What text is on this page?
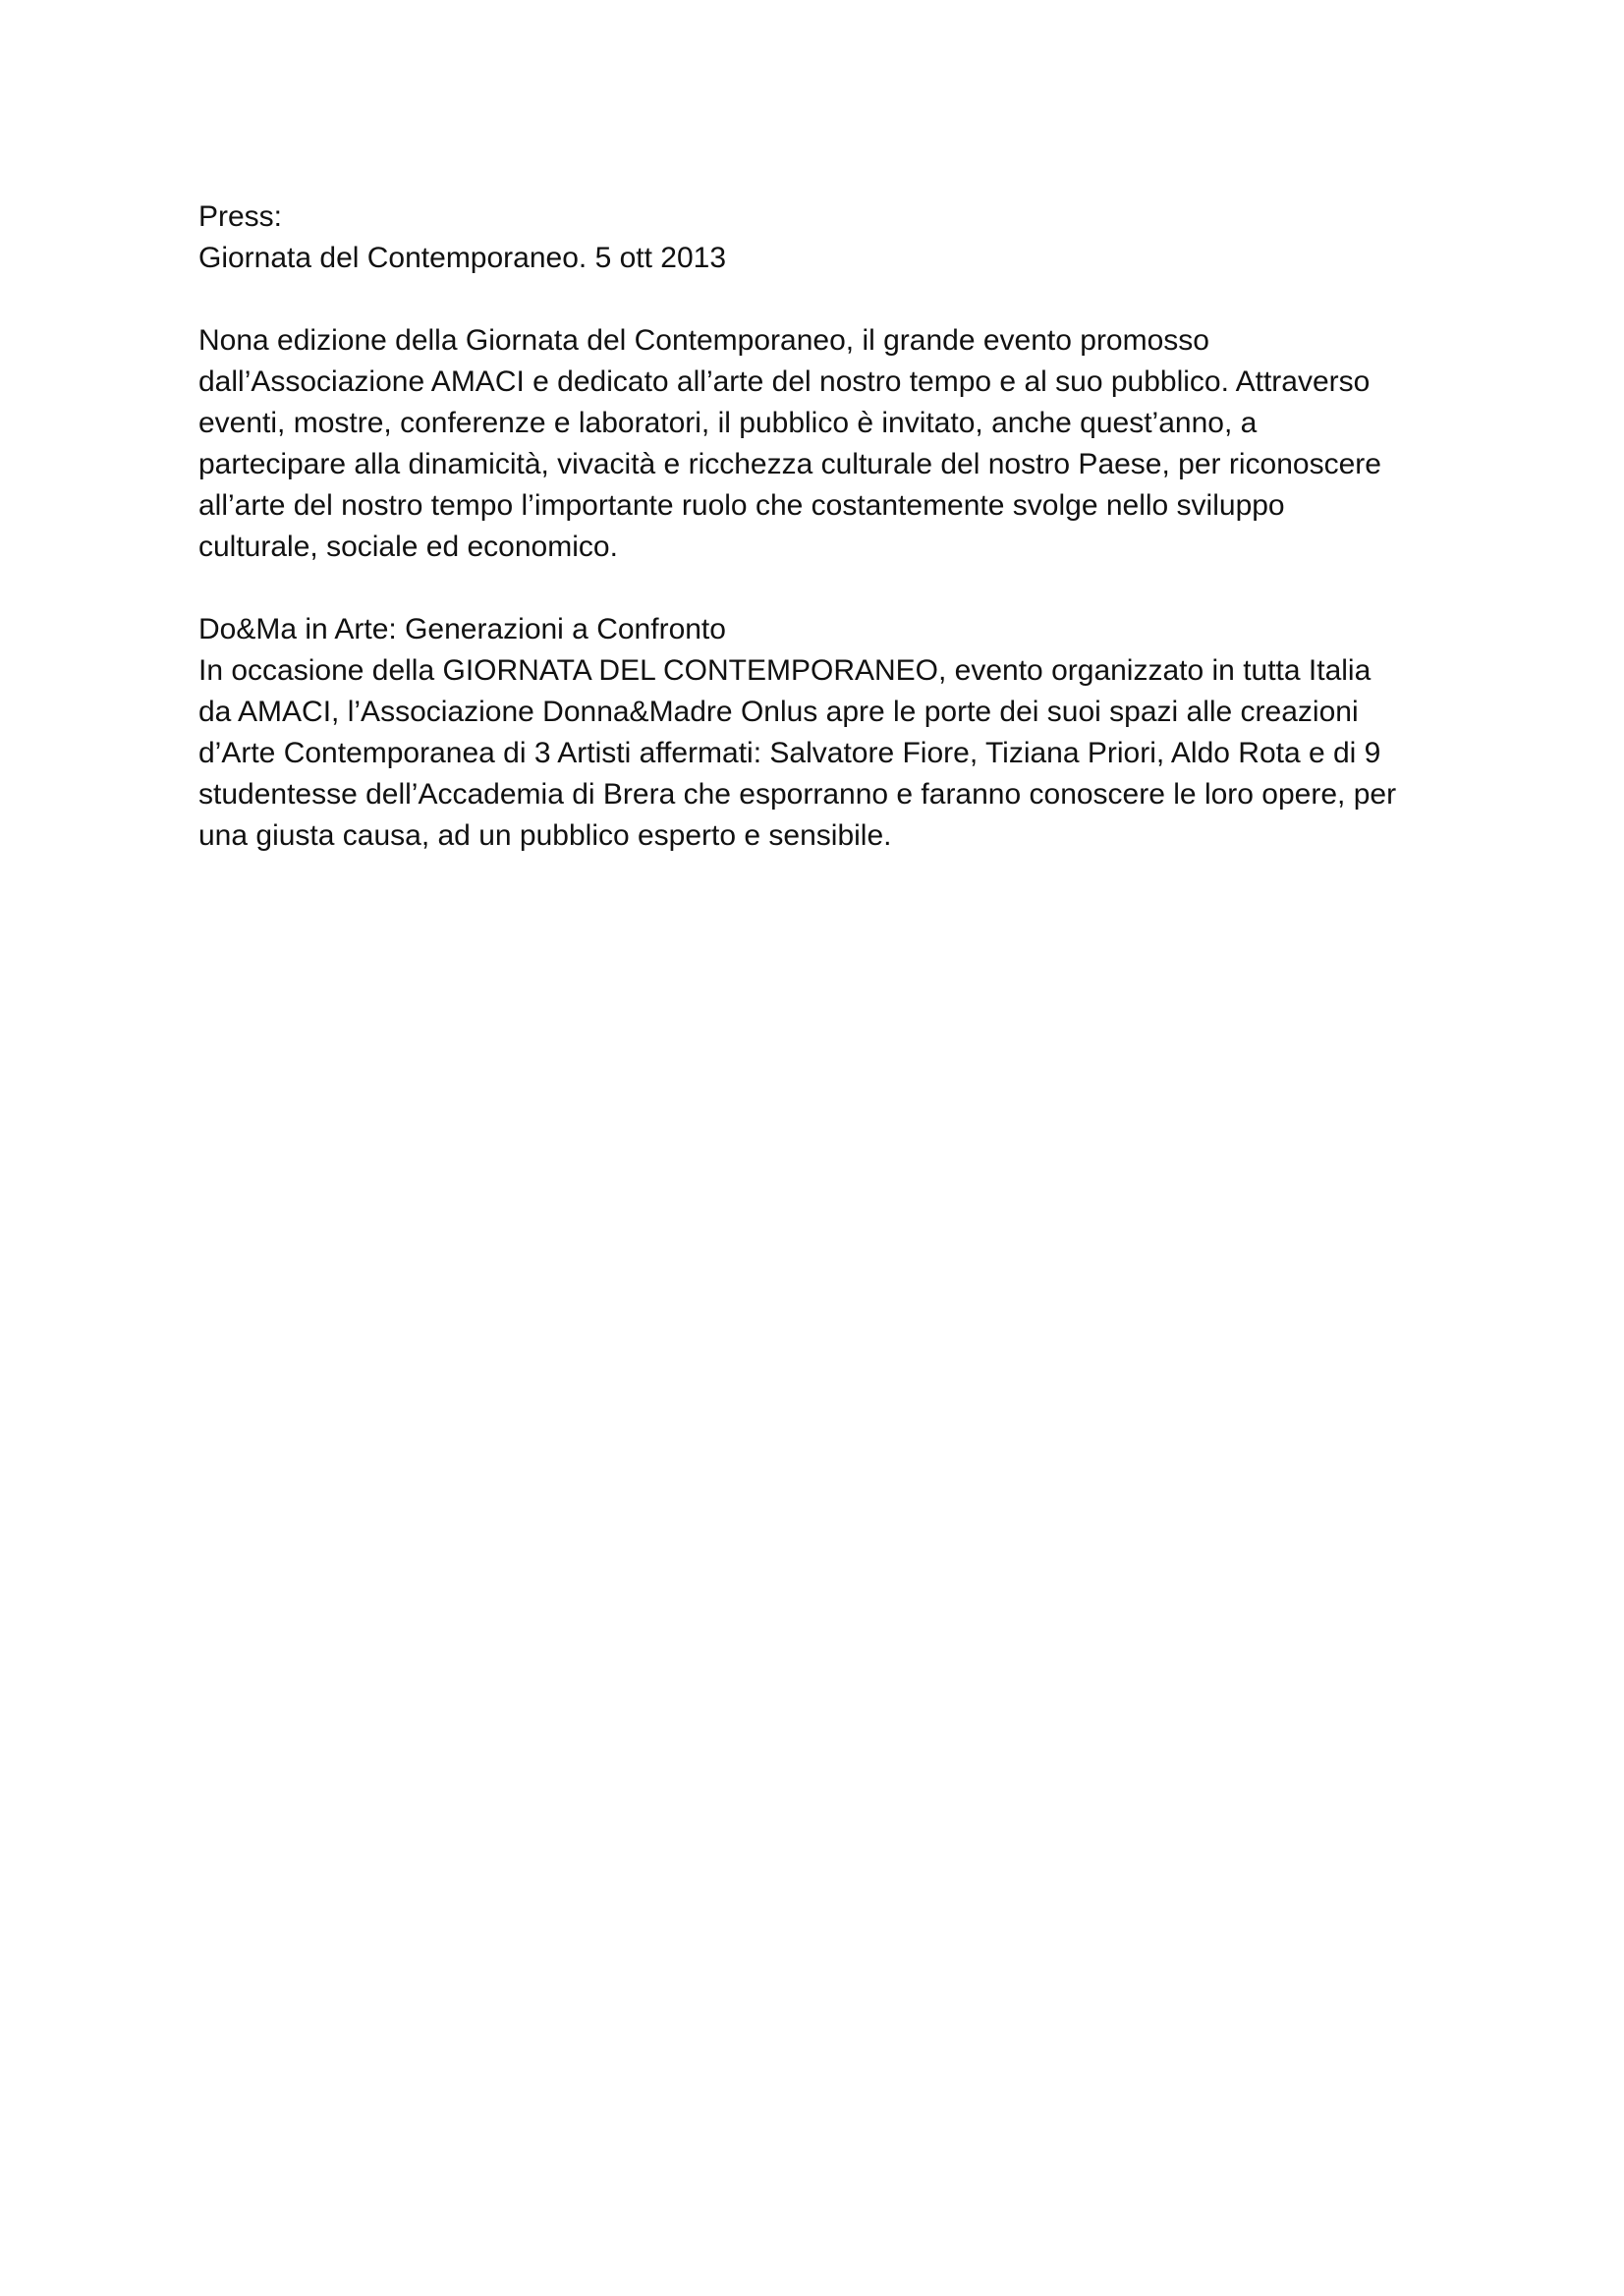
Press:
Giornata del Contemporaneo. 5 ott 2013
Nona edizione della Giornata del Contemporaneo, il grande evento promosso
dall’Associazione AMACI e dedicato all’arte del nostro tempo e al suo pubblico. Attraverso
eventi, mostre, conferenze e laboratori, il pubblico è invitato, anche quest’anno, a
partecipare alla dinamicità, vivacità e ricchezza culturale del nostro Paese, per riconoscere
all’arte del nostro tempo l’importante ruolo che costantemente svolge nello sviluppo
culturale, sociale ed economico.
Do&Ma in Arte: Generazioni a Confronto
In occasione della GIORNATA DEL CONTEMPORANEO, evento organizzato in tutta Italia
da AMACI, l’Associazione Donna&Madre Onlus apre le porte dei suoi spazi alle creazioni
d’Arte Contemporanea di 3 Artisti affermati: Salvatore Fiore, Tiziana Priori, Aldo Rota e di 9
studentesse dell’Accademia di Brera che esporranno e faranno conoscere le loro opere, per
una giusta causa, ad un pubblico esperto e sensibile.
